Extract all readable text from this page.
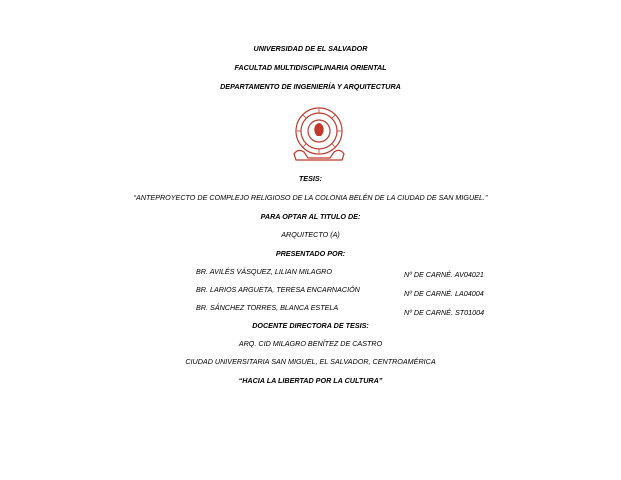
UNIVERSIDAD DE EL SALVADOR
FACULTAD MULTIDISCIPLINARIA ORIENTAL
DEPARTAMENTO DE INGENIERÍA Y ARQUITECTURA
TESIS:
“ANTEPROYECTO DE COMPLEJO RELIGIOSO DE LA COLONIA BELÉN DE LA CIUDAD DE SAN MIGUEL.”
PARA OPTAR AL TITULO DE:
ARQUITECTO (A)
PRESENTADO POR:
BR. AVILÉS VÁSQUEZ, LILIAN MILAGRO	Nº DE CARNÉ. AV04021
BR. LARIOS ARGUETA, TERESA ENCARNACIÓN	Nº DE CARNÉ. LA04004
BR. SÁNCHEZ TORRES, BLANCA ESTELA
Nº DE CARNÉ. ST01004
DOCENTE DIRECTORA DE TESIS:
ARQ. CID MILAGRO BENÍTEZ DE CASTRO
CIUDAD UNIVERSITARIA SAN MIGUEL, EL SALVADOR, CENTROAMÉRICA
“HACIA LA LIBERTAD POR LA CULTURA”
